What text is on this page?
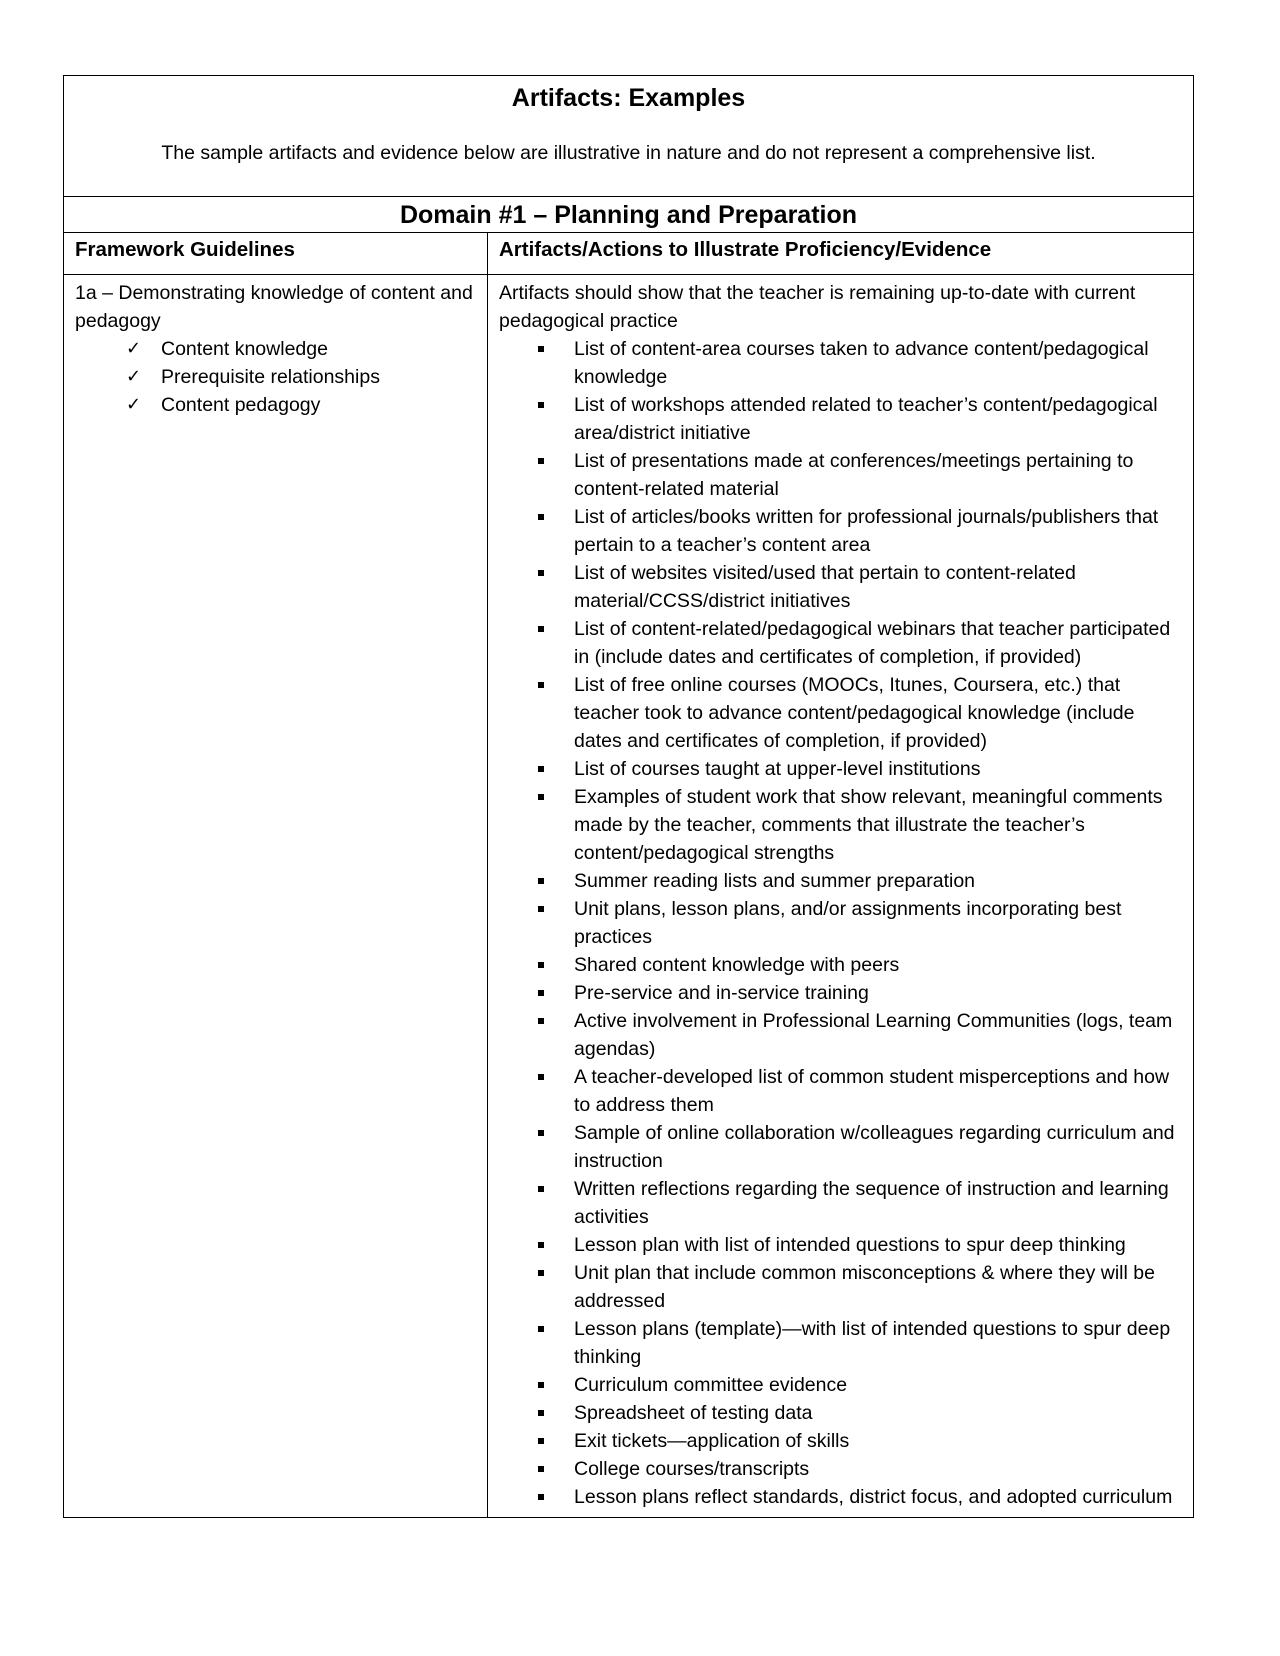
Artifacts: Examples
The sample artifacts and evidence below are illustrative in nature and do not represent a comprehensive list.
Domain #1 – Planning and Preparation
Framework Guidelines	Artifacts/Actions to Illustrate Proficiency/Evidence
1a – Demonstrating knowledge of content and pedagogy
✓ Content knowledge
✓ Prerequisite relationships
✓ Content pedagogy
Artifacts should show that the teacher is remaining up-to-date with current pedagogical practice
List of content-area courses taken to advance content/pedagogical knowledge
List of workshops attended related to teacher’s content/pedagogical area/district initiative
List of presentations made at conferences/meetings pertaining to content-related material
List of articles/books written for professional journals/publishers that pertain to a teacher’s content area
List of websites visited/used that pertain to content-related material/CCSS/district initiatives
List of content-related/pedagogical webinars that teacher participated in (include dates and certificates of completion, if provided)
List of free online courses (MOOCs, Itunes, Coursera, etc.) that teacher took to advance content/pedagogical knowledge (include dates and certificates of completion, if provided)
List of courses taught at upper-level institutions
Examples of student work that show relevant, meaningful comments made by the teacher, comments that illustrate the teacher’s content/pedagogical strengths
Summer reading lists and summer preparation
Unit plans, lesson plans, and/or assignments incorporating best practices
Shared content knowledge with peers
Pre-service and in-service training
Active involvement in Professional Learning Communities (logs, team agendas)
A teacher-developed list of common student misperceptions and how to address them
Sample of online collaboration w/colleagues regarding curriculum and instruction
Written reflections regarding the sequence of instruction and learning activities
Lesson plan with list of intended questions to spur deep thinking
Unit plan that include common misconceptions & where they will be addressed
Lesson plans (template)—with list of intended questions to spur deep thinking
Curriculum committee evidence
Spreadsheet of testing data
Exit tickets—application of skills
College courses/transcripts
Lesson plans reflect standards, district focus, and adopted curriculum
